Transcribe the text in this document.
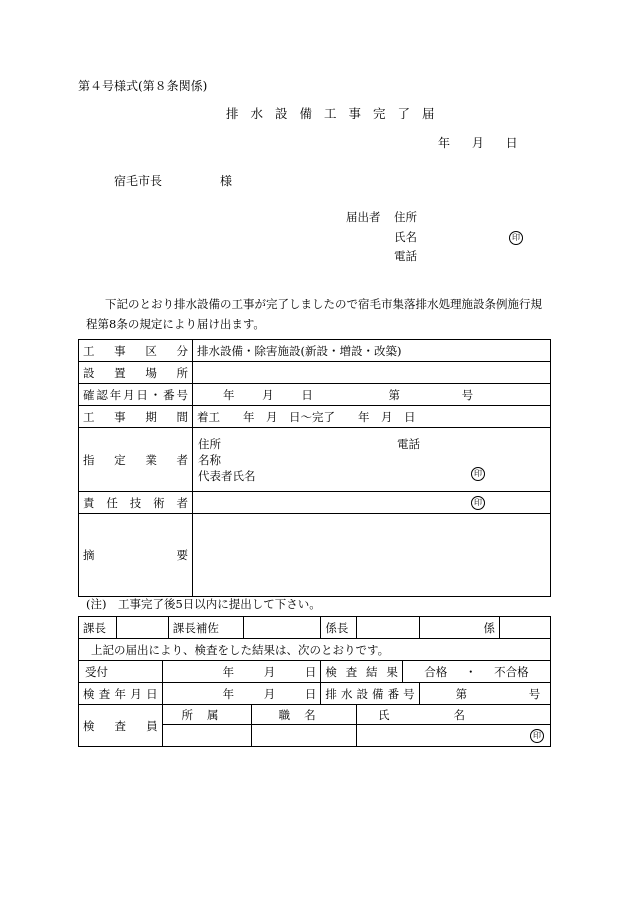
第４号様式(第８条関係)
排水設備工事完了届
年 月 日
宿毛市長	様
届出者 住所
氏名	印
電話
下記のとおり排水設備の工事が完了しましたので宿毛市集落排水処理施設条例施行規
程第8条の規定により届け出ます。
工事区分	排水設備・除害施設(新設・増設・改築)
設置場所	
確認年月日・番号	年 月 日 第 号
工事期間	着工　　年　月　日〜完了　　年　月　日
指定業者	住所 電話
名称
代表者氏名 印

責任技術者	印

摘要	
(注)　工事完了後5日以内に提出して下さい。
課長			課長補佐			係長			係	
上記の届出により、検査をした結果は、次のとおりです。										

受付		年 月 日				検査結果		合格 ・ 不合格		
検査年月日		年 月 日				排水設備番号			第 号	
検査員		所属			職名		氏名			

							印			
